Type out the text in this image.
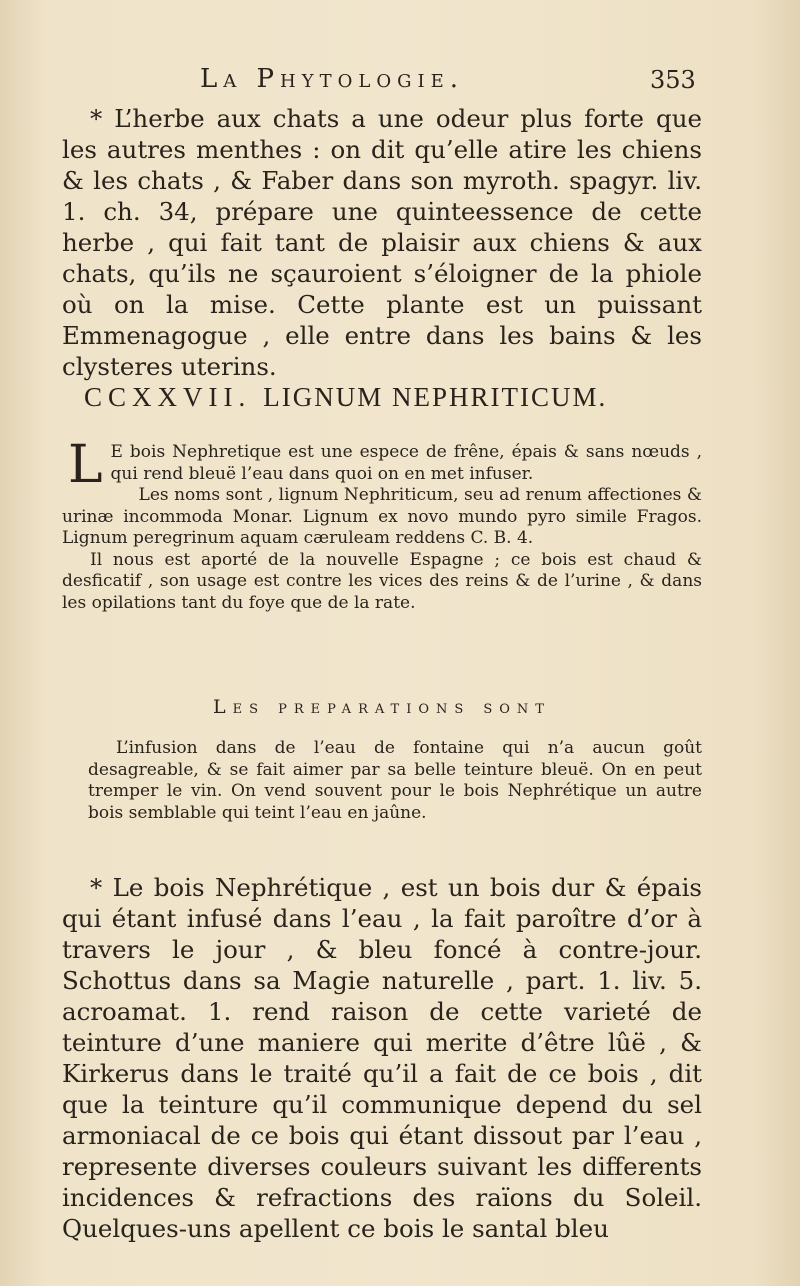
La Phytologie.	353

* L’herbe aux chats a une odeur plus forte que les autres menthes : on dit qu’elle atire les chiens & les chats , & Faber dans son myroth. spagyr. liv. 1. ch. 34, prépare une quinteessence de cette herbe , qui fait tant de plaisir aux chiens & aux chats, qu’ils ne sçauroient s’éloigner de la phiole où on la mise. Cette plante est un puissant Emmenagogue , elle entre dans les bains & les clysteres uterins.

CCXXVII. LIGNUM NEPHRITICUM.

L E bois Nephretique est une espece de frêne, épais & sans nœuds , qui rend bleuë l’eau dans quoi on en met infuser.

Les noms sont , lignum Nephriticum, seu ad renum affectiones & urinæ incommoda Monar. Lignum ex novo mundo pyro simile Fragos. Lignum peregrinum aquam cæruleam reddens C. B. 4.

Il nous est aporté de la nouvelle Espagne ; ce bois est chaud & desficatif , son usage est contre les vices des reins & de l’urine , & dans les opilations tant du foye que de la rate.

Les preparations sont

L’infusion dans de l’eau de fontaine qui n’a aucun goût desagreable, & se fait aimer par sa belle teinture bleuë. On en peut tremper le vin. On vend souvent pour le bois Nephrétique un autre bois semblable qui teint l’eau en jaûne.

* Le bois Nephrétique , est un bois dur & épais qui étant infusé dans l’eau , la fait paroître d’or à travers le jour , & bleu foncé à contre-jour. Schottus dans sa Magie naturelle , part. 1. liv. 5. acroamat. 1. rend raison de cette varieté de teinture d’une maniere qui merite d’être lûë , & Kirkerus dans le traité qu’il a fait de ce bois , dit que la teinture qu’il communique depend du sel armoniacal de ce bois qui étant dissout par l’eau , represente diverses couleurs suivant les differents incidences & refractions des raïons du Soleil. Quelques-uns apellent ce bois le santal bleu
